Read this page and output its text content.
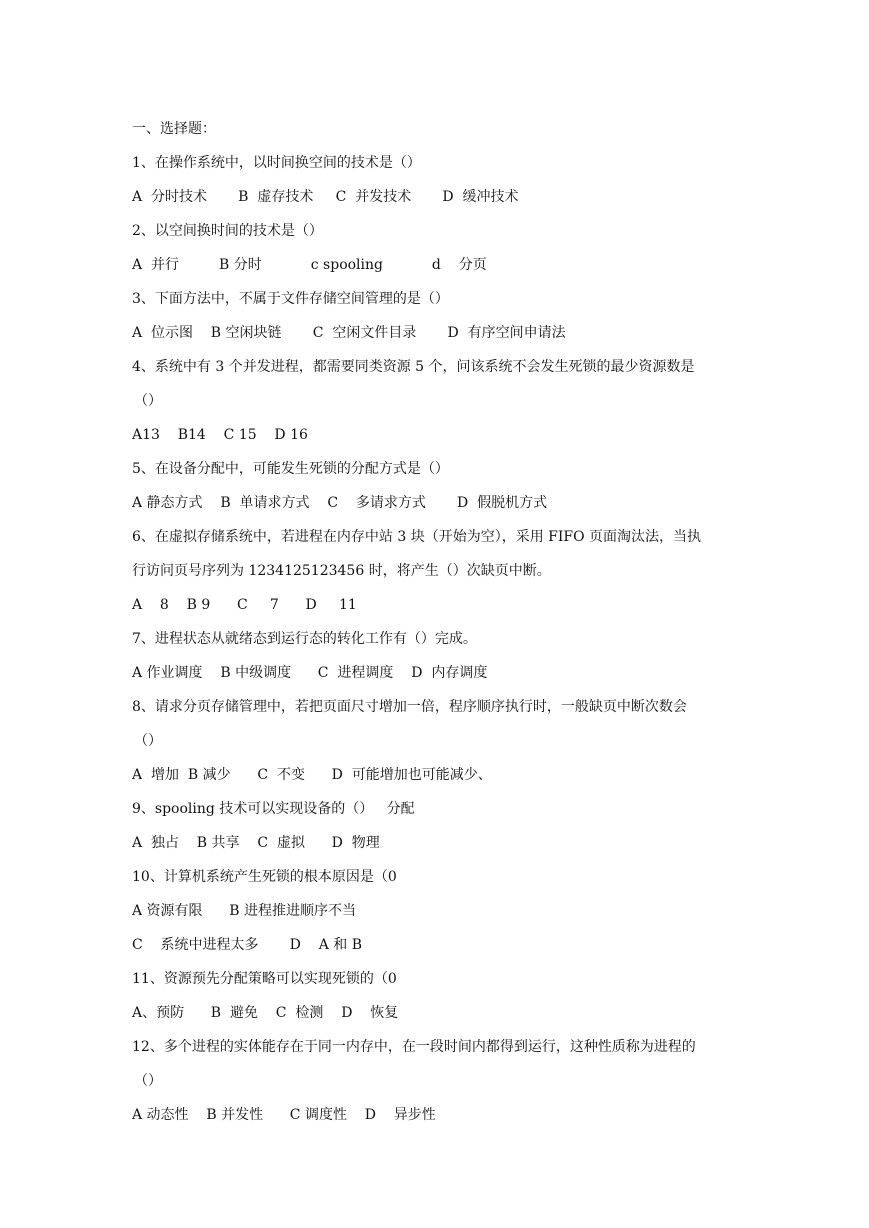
一、选择题：
1、在操作系统中，以时间换空间的技术是（）
A  分时技术       B  虚存技术     C  并发技术       D  缓冲技术
2、以空间换时间的技术是（）
A  并行         B 分时           c spooling           d    分页
3、下面方法中，不属于文件存储空间管理的是（）
A  位示图    B 空闲块链       C  空闲文件目录       D  有序空间申请法
4、系统中有 3 个并发进程，都需要同类资源 5 个，问该系统不会发生死锁的最少资源数是
（）
A13    B14    C 15    D 16
5、在设备分配中，可能发生死锁的分配方式是（）
A 静态方式    B  单请求方式    C    多请求方式       D  假脱机方式
6、在虚拟存储系统中，若进程在内存中站 3 块（开始为空），采用 FIFO 页面淘汰法，当执
行访问页号序列为 1234125123456 时，将产生（）次缺页中断。
A    8    B 9      C     7      D     11
7、进程状态从就绪态到运行态的转化工作有（）完成。
A 作业调度    B 中级调度      C  进程调度    D  内存调度
8、请求分页存储管理中，若把页面尺寸增加一倍，程序顺序执行时，一般缺页中断次数会
（）
A  增加  B 减少      C  不变      D  可能增加也可能减少、
9、spooling 技术可以实现设备的（）   分配
A  独占    B 共享    C  虚拟      D  物理
10、计算机系统产生死锁的根本原因是（0
A 资源有限      B 进程推进顺序不当
C    系统中进程太多       D    A 和 B
11、资源预先分配策略可以实现死锁的（0
A、预防      B  避免    C  检测    D    恢复
12、多个进程的实体能存在于同一内存中，在一段时间内都得到运行，这种性质称为进程的
（）
A 动态性    B 并发性      C 调度性    D    异步性
